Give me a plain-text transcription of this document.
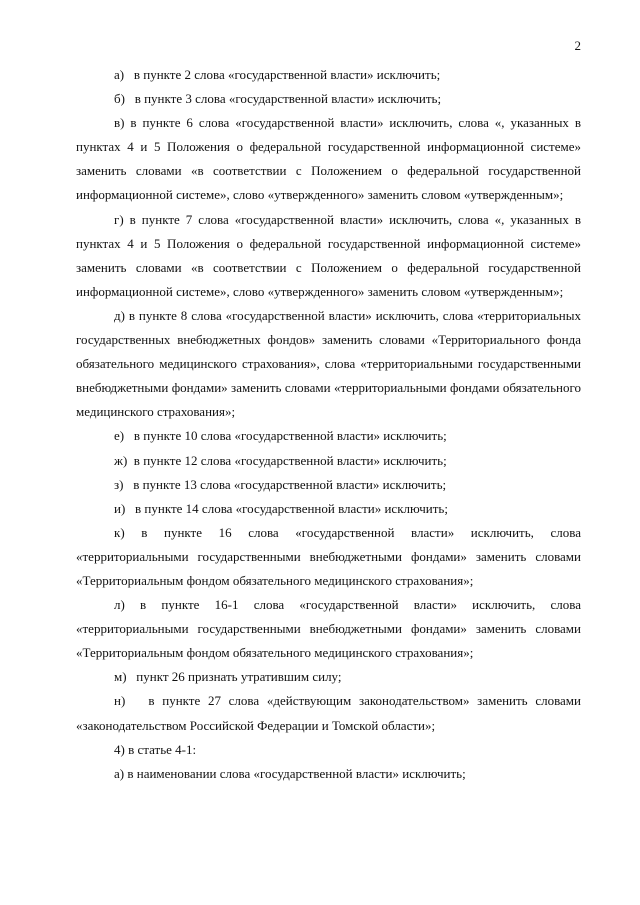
2

а)   в пункте 2 слова «государственной власти» исключить;

б)   в пункте 3 слова «государственной власти» исключить;

в) в пункте 6 слова «государственной власти» исключить, слова «, указанных в пунктах 4 и 5 Положения о федеральной государственной информационной системе» заменить словами «в соответствии с Положением о федеральной государственной информационной системе», слово «утвержденного» заменить словом «утвержденным»;

г) в пункте 7 слова «государственной власти» исключить, слова «, указанных в пунктах 4 и 5 Положения о федеральной государственной информационной системе» заменить словами «в соответствии с Положением о федеральной государственной информационной системе», слово «утвержденного» заменить словом «утвержденным»;

д) в пункте 8 слова «государственной власти» исключить, слова «территориальных государственных внебюджетных фондов» заменить словами «Территориального фонда обязательного медицинского страхования», слова «территориальными государственными внебюджетными фондами» заменить словами «территориальными фондами обязательного медицинского страхования»;

е)   в пункте 10 слова «государственной власти» исключить;

ж)  в пункте 12 слова «государственной власти» исключить;

з)   в пункте 13 слова «государственной власти» исключить;

и)   в пункте 14 слова «государственной власти» исключить;

к) в пункте 16 слова «государственной власти» исключить, слова «территориальными государственными внебюджетными фондами» заменить словами «Территориальным фондом обязательного медицинского страхования»;

л) в пункте 16-1 слова «государственной власти» исключить, слова «территориальными государственными внебюджетными фондами» заменить словами «Территориальным фондом обязательного медицинского страхования»;

м)   пункт 26 признать утратившим силу;

н)   в пункте 27 слова «действующим законодательством» заменить словами «законодательством Российской Федерации и Томской области»;

4) в статье 4-1:

а) в наименовании слова «государственной власти» исключить;
